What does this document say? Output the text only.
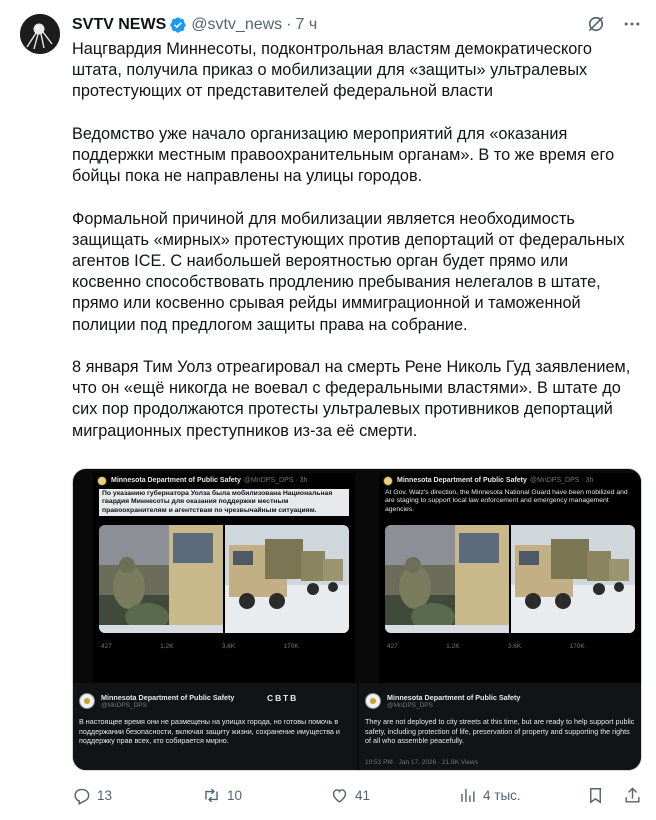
SVTV NEWS @svtv_news · 7 ч

Нацгвардия Миннесоты, подконтрольная властям демократического штата, получила приказ о мобилизации для «защиты» ультралевых протестующих от представителей федеральной власти

Ведомство уже начало организацию мероприятий для «оказания поддержки местным правоохранительным органам». В то же время его бойцы пока не направлены на улицы городов.

Формальной причиной для мобилизации является необходимость защищать «мирных» протестующих против депортаций от федеральных агентов ICE. С наибольшей вероятностью орган будет прямо или косвенно способствовать продлению пребывания нелегалов в штате, прямо или косвенно срывая рейды иммиграционной и таможенной полиции под предлогом защиты права на собрание.

8 января Тим Уолз отреагировал на смерть Рене Николь Гуд заявлением, что он «ещё никогда не воевал с федеральными властями». В штате до сих пор продолжаются протесты ультралевых противников депортаций миграционных преступников из-за её смерти.

Minnesota Department of Public Safety @MnDPS_DPS · 3h
По указанию губернатора Уолза была мобилизована Национальная гвардия Миннесоты для оказания поддержки местным правоохранителям и агентствам по чрезвычайным ситуациям.
427	1,2K	3,6K	170K
Minnesota Department of Public Safety @MnDPS_DPS · 3h
At Gov. Walz's direction, the Minnesota National Guard have been mobilized and are staging to support local law enforcement and emergency management agencies.
427	1.2K	3.6K	170K
Minnesota Department of Public Safety
@MnDPS_DPS
СВТВ
В настоящее время они не размещены на улицах города, но готовы помочь в поддержании безопасности, включая защиту жизни, сохранение имущества и поддержку прав всех, кто собирается мирно.
Minnesota Department of Public Safety
@MnDPS_DPS
They are not deployed to city streets at this time, but are ready to help support public safety, including protection of life, preservation of property and supporting the rights of all who assemble peacefully.
10:53 PM · Jan 17, 2026 · 21.9K Views
13	10	41	4 тыс.
